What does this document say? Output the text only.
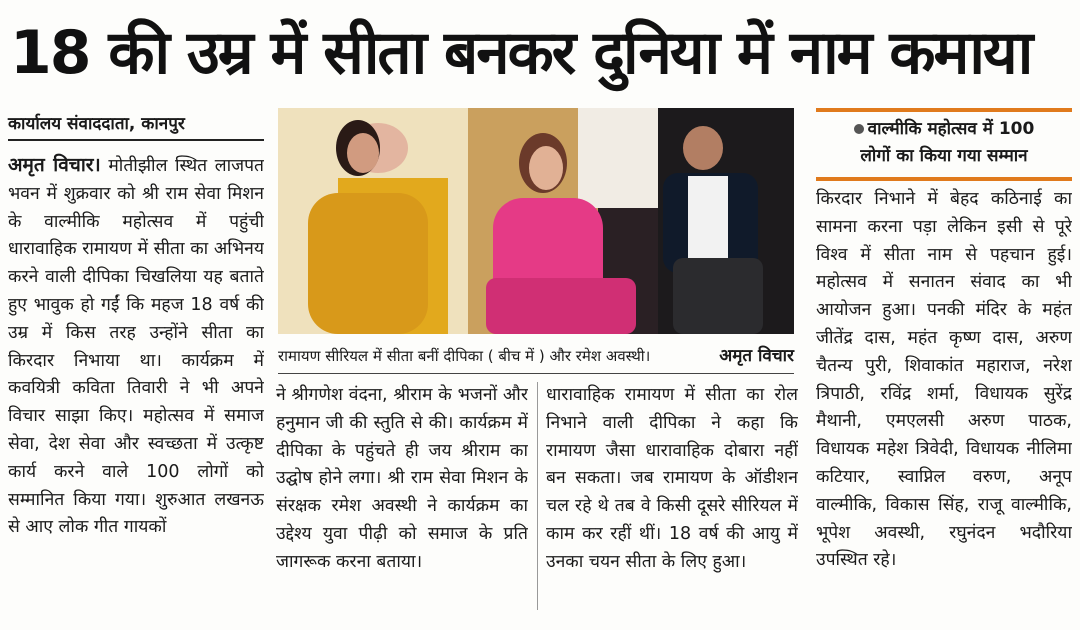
18 की उम्र में सीता बनकर दुनिया में नाम कमाया
कार्यालय संवाददाता, कानपुर
अमृत विचार। मोतीझील स्थित लाजपत भवन में शुक्रवार को श्री राम सेवा मिशन के वाल्मीकि महोत्सव में पहुंची धारावाहिक रामायण में सीता का अभिनय करने वाली दीपिका चिखलिया यह बताते हुए भावुक हो गईं कि महज 18 वर्ष की उम्र में किस तरह उन्होंने सीता का किरदार निभाया था। कार्यक्रम में कवयित्री कविता तिवारी ने भी अपने विचार साझा किए। महोत्सव में समाज सेवा, देश सेवा और स्वच्छता में उत्कृष्ट कार्य करने वाले 100 लोगों को सम्मानित किया गया। शुरुआत लखनऊ से आए लोक गीत गायकों
रामायण सीरियल में सीता बनीं दीपिका ( बीच में ) और रमेश अवस्थी।	अमृत विचार
ने श्रीगणेश वंदना, श्रीराम के भजनों और हनुमान जी की स्तुति से की। कार्यक्रम में दीपिका के पहुंचते ही जय श्रीराम का उद्घोष होने लगा। श्री राम सेवा मिशन के संरक्षक रमेश अवस्थी ने कार्यक्रम का उद्देश्य युवा पीढ़ी को समाज के प्रति जागरूक करना बताया।
धारावाहिक रामायण में सीता का रोल निभाने वाली दीपिका ने कहा कि रामायण जैसा धारावाहिक दोबारा नहीं बन सकता। जब रामायण के ऑडीशन चल रहे थे तब वे किसी दूसरे सीरियल में काम कर रहीं थीं। 18 वर्ष की आयु में उनका चयन सीता के लिए हुआ।
वाल्मीकि महोत्सव में 100
लोगों का किया गया सम्मान
किरदार निभाने में बेहद कठिनाई का सामना करना पड़ा लेकिन इसी से पूरे विश्व में सीता नाम से पहचान हुई। महोत्सव में सनातन संवाद का भी आयोजन हुआ। पनकी मंदिर के महंत जीतेंद्र दास, महंत कृष्ण दास, अरुण चैतन्य पुरी, शिवाकांत महाराज, नरेश त्रिपाठी, रविंद्र शर्मा, विधायक सुरेंद्र मैथानी, एमएलसी अरुण पाठक, विधायक महेश त्रिवेदी, विधायक नीलिमा कटियार, स्वाप्निल वरुण, अनूप वाल्मीकि, विकास सिंह, राजू वाल्मीकि, भूपेश अवस्थी, रघुनंदन भदौरिया उपस्थित रहे।
